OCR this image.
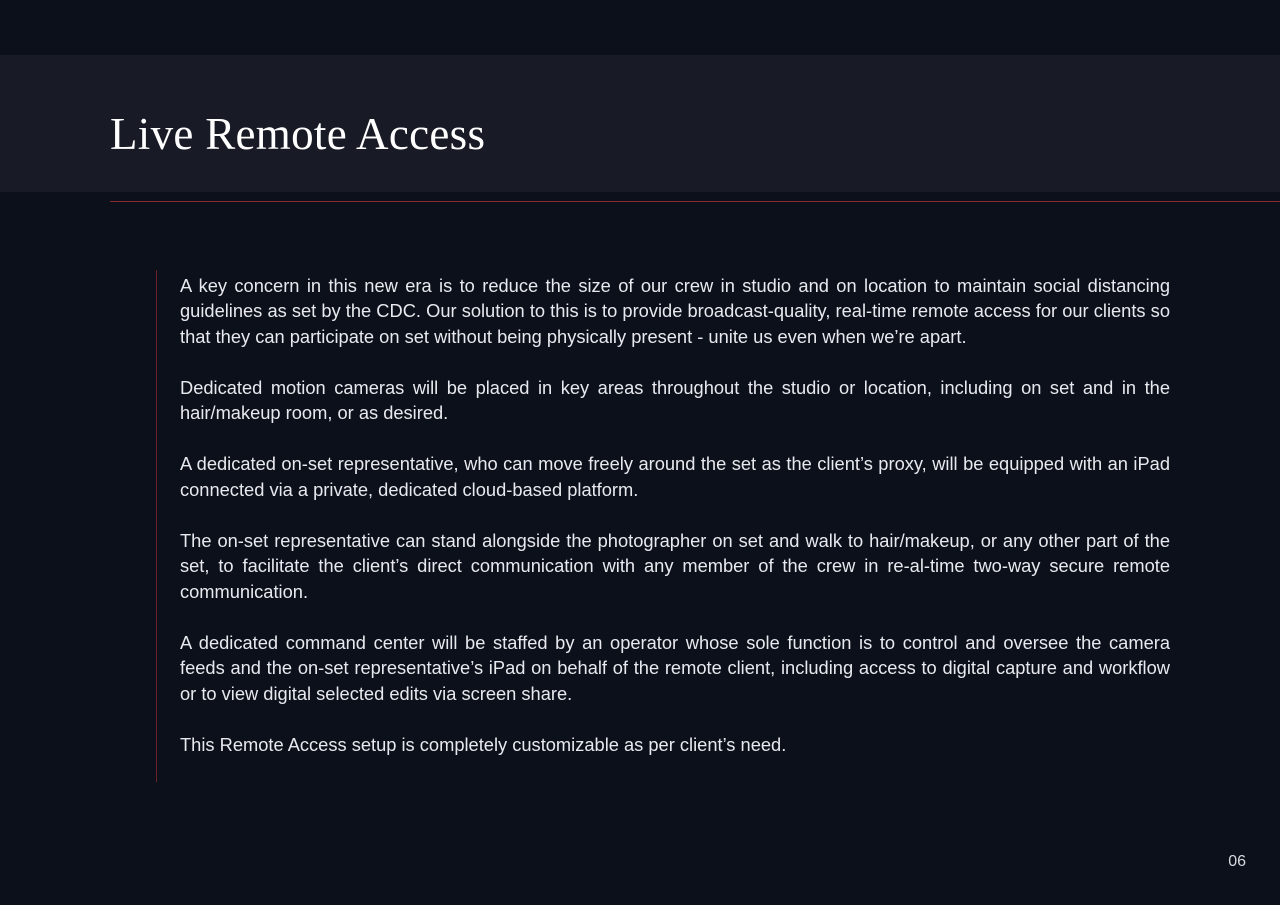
Live Remote Access

A key concern in this new era is to reduce the size of our crew in studio and on location to maintain social distancing guidelines as set by the CDC. Our solution to this is to provide broadcast-quality, real-time remote access for our clients so that they can participate on set without being physically present - unite us even when we’re apart.

Dedicated motion cameras will be placed in key areas throughout the studio or location, including on set and in the hair/makeup room, or as desired.

A dedicated on-set representative, who can move freely around the set as the client’s proxy, will be equipped with an iPad connected via a private, dedicated cloud-based platform.

The on-set representative can stand alongside the photographer on set and walk to hair/makeup, or any other part of the set, to facilitate the client’s direct communication with any member of the crew in re-al-time two-way secure remote communication.

A dedicated command center will be staffed by an operator whose sole function is to control and oversee the camera feeds and the on-set representative’s iPad on behalf of the remote client, including access to digital capture and workflow or to view digital selected edits via screen share.

This Remote Access setup is completely customizable as per client’s need.

06
